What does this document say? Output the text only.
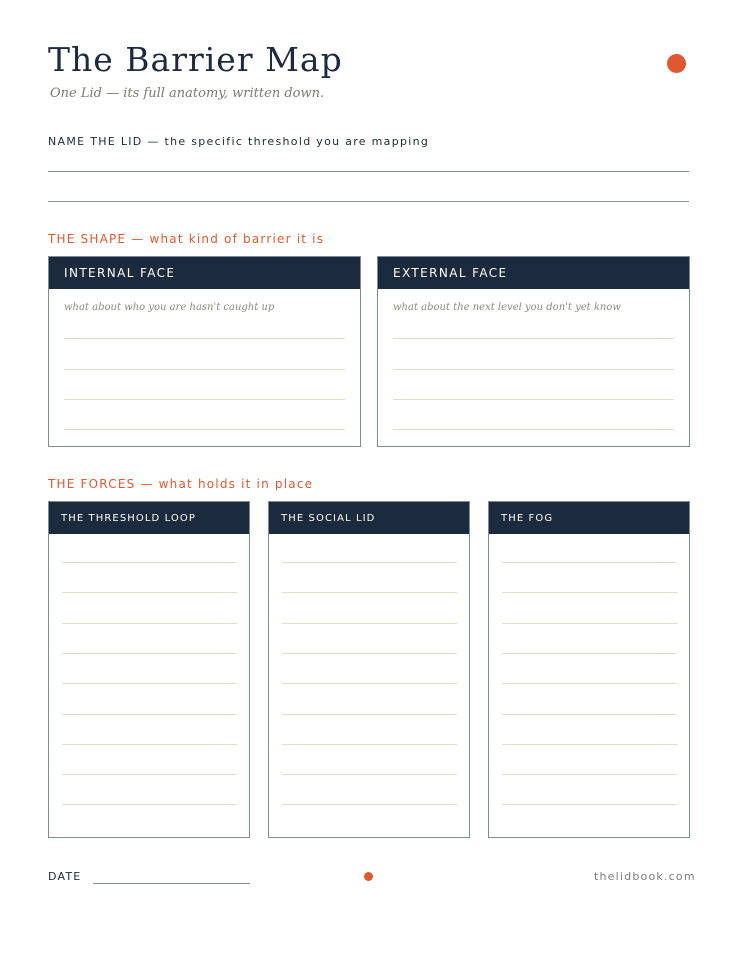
The Barrier Map
One Lid — its full anatomy, written down.
NAME THE LID — the specific threshold you are mapping
THE SHAPE — what kind of barrier it is
INTERNAL FACE
what about who you are hasn't caught up
EXTERNAL FACE
what about the next level you don't yet know
THE FORCES — what holds it in place
THE THRESHOLD LOOP	THE SOCIAL LID	THE FOG
DATE	thelidbook.com
